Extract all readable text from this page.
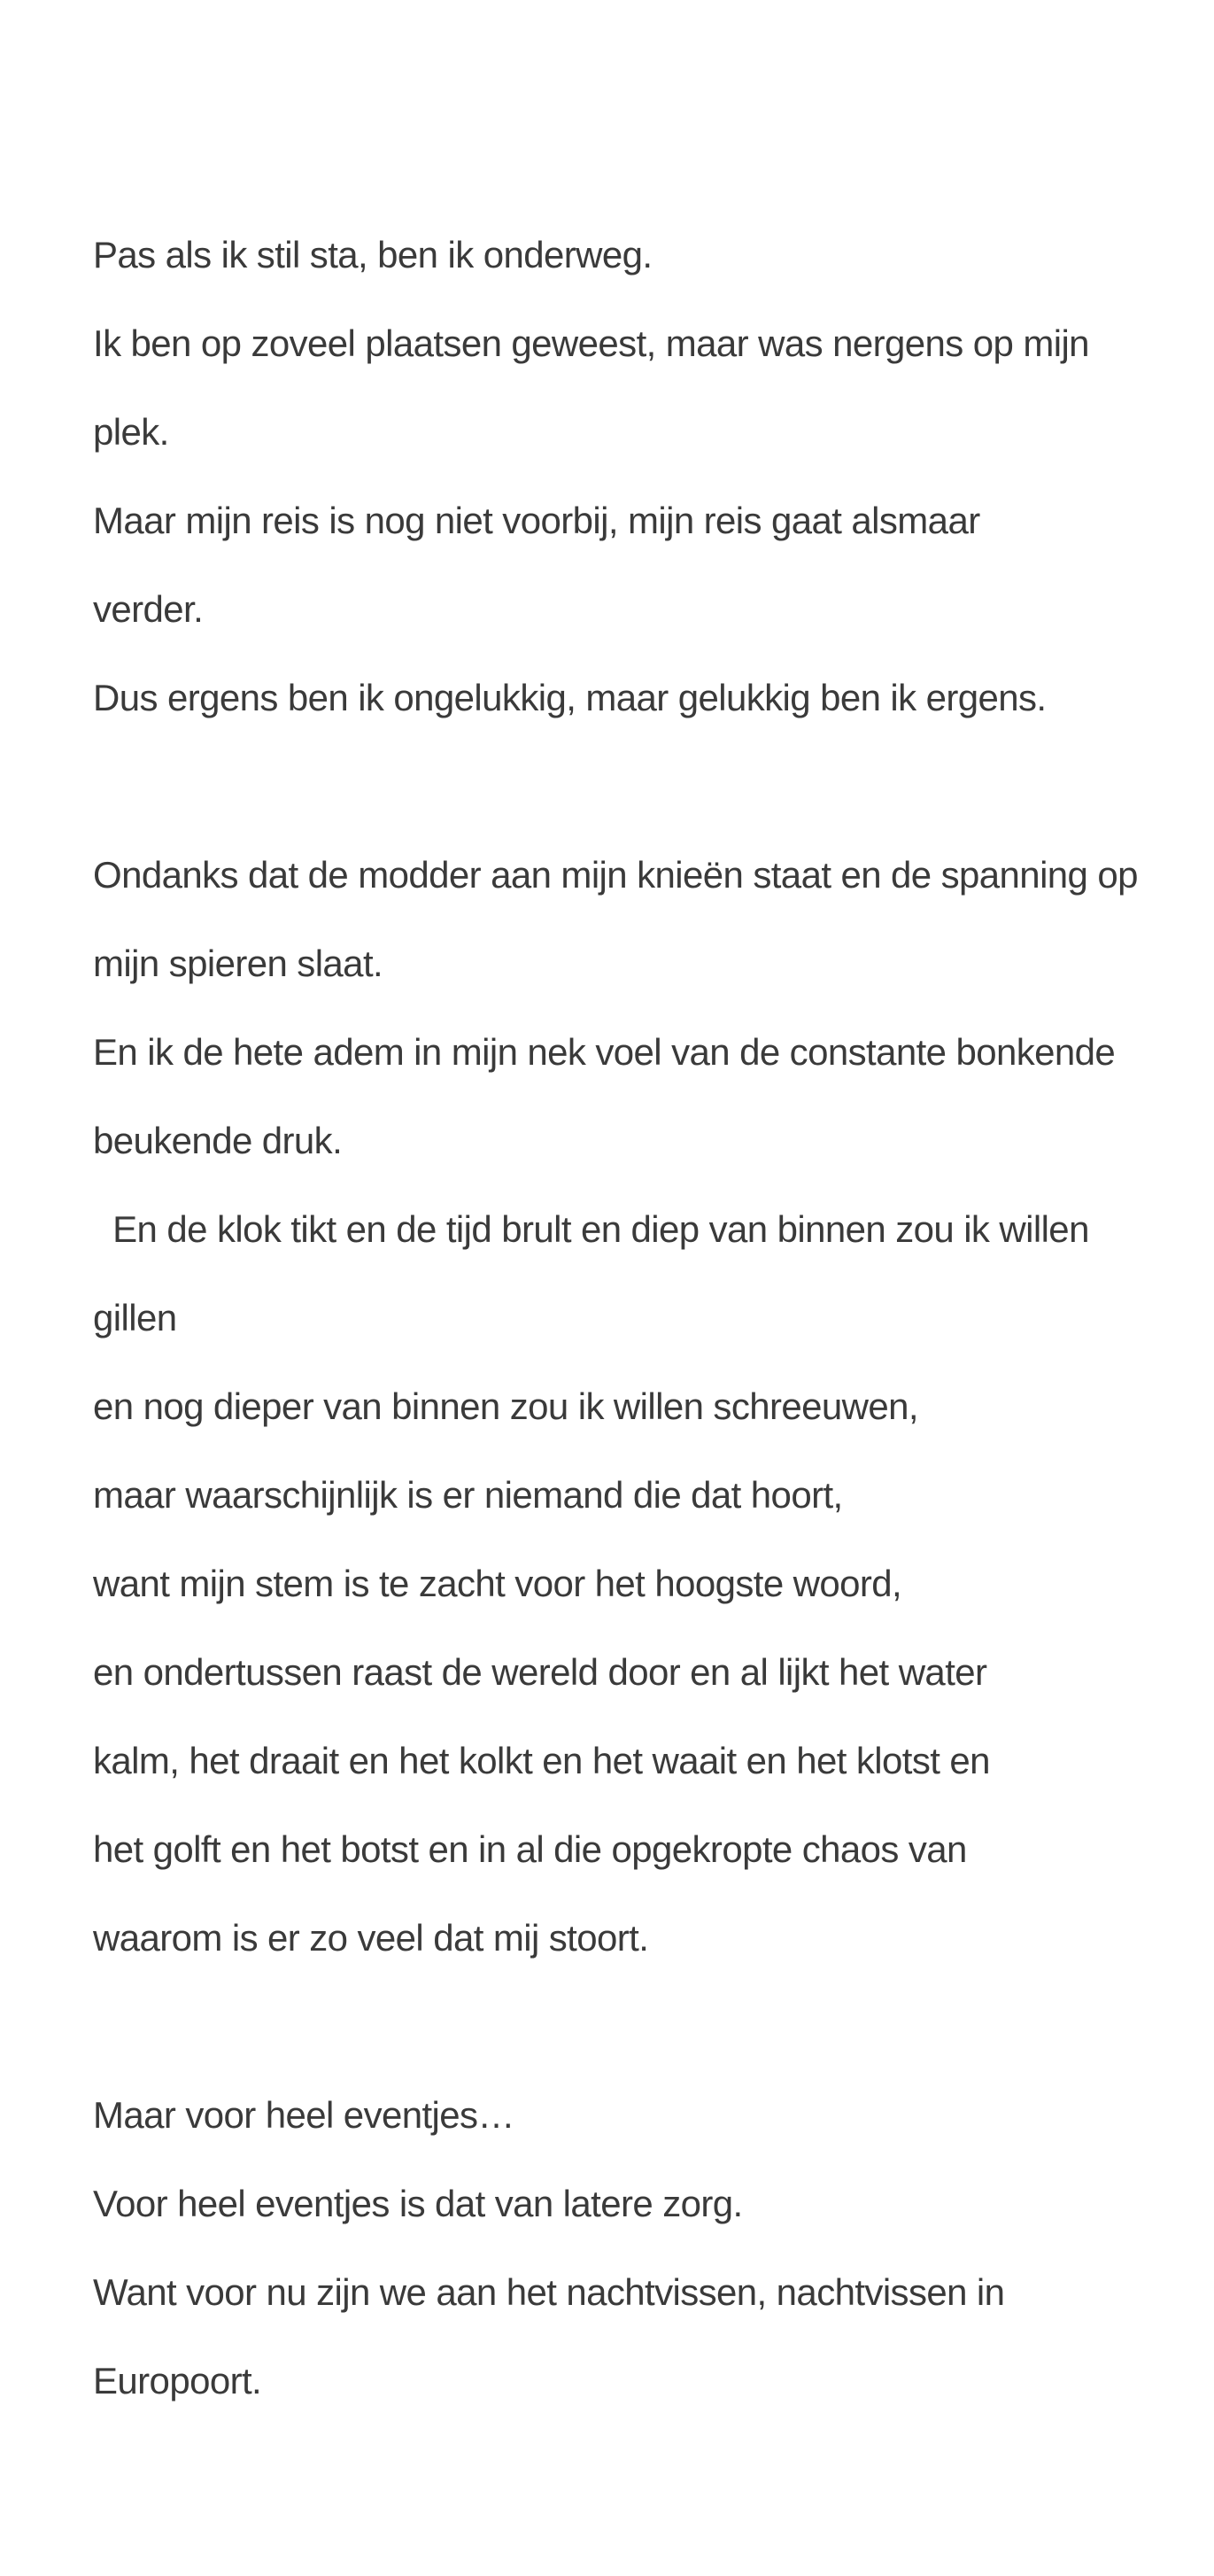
Pas als ik stil sta, ben ik onderweg.

Ik ben op zoveel plaatsen geweest, maar was nergens op mijn

plek.

Maar mijn reis is nog niet voorbij, mijn reis gaat alsmaar

verder.

Dus ergens ben ik ongelukkig, maar gelukkig ben ik ergens.

Ondanks dat de modder aan mijn knieën staat en de spanning op

mijn spieren slaat.

En ik de hete adem in mijn nek voel van de constante bonkende

beukende druk.

En de klok tikt en de tijd brult en diep van binnen zou ik willen

gillen

en nog dieper van binnen zou ik willen schreeuwen,

maar waarschijnlijk is er niemand die dat hoort,

want mijn stem is te zacht voor het hoogste woord,

en ondertussen raast de wereld door en al lijkt het water

kalm, het draait en het kolkt en het waait en het klotst en

het golft en het botst en in al die opgekropte chaos van

waarom is er zo veel dat mij stoort.

Maar voor heel eventjes…

Voor heel eventjes is dat van latere zorg.

Want voor nu zijn we aan het nachtvissen, nachtvissen in

Europoort.
